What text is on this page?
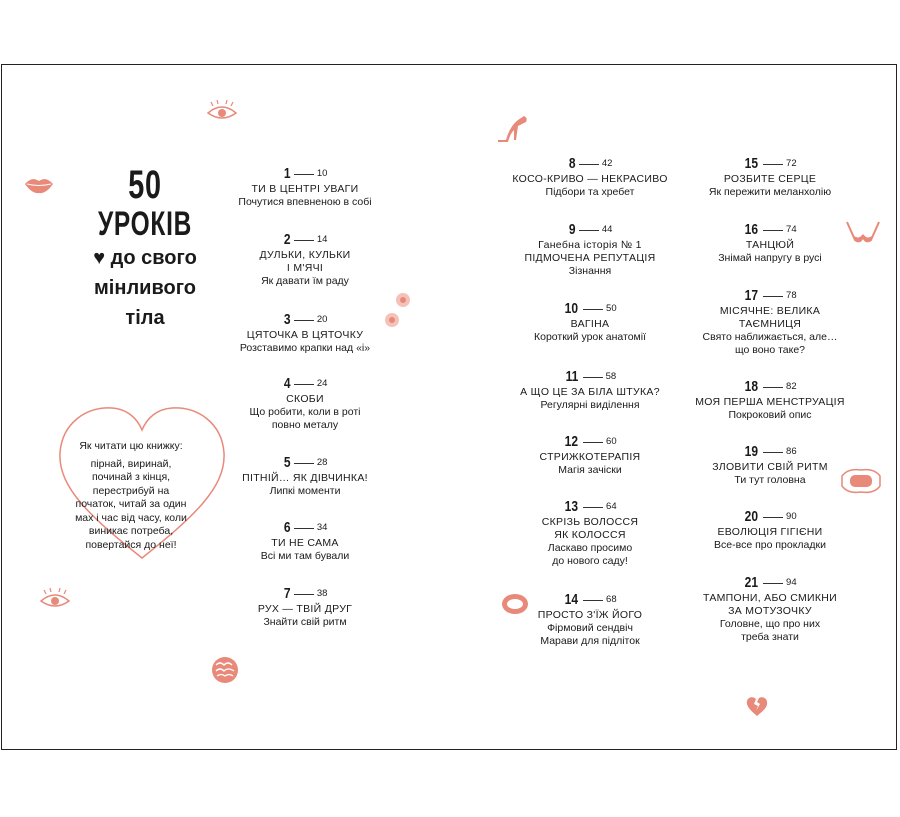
50
УРОКІВ
♥ до свого
мінливого
тіла
Як читати цю книжку:
пірнай, виринай, починай з кінця, перестрибуй на початок, читай за один мах і час від часу, коли виникає потреба, повертайся до неї!
1	10
ТИ В ЦЕНТРІ УВАГИ
Почутися впевненою в собі
2	14
ДУЛЬКИ, КУЛЬКИ
І М'ЯЧІ
Як давати їм раду
3	20
ЦЯТОЧКА В ЦЯТОЧКУ
Розставимо крапки над «і»
4	24
СКОБИ
Що робити, коли в роті
повно металу
5	28
ПІТНІЙ… ЯК ДІВЧИНКА!
Липкі моменти
6	34
ТИ НЕ САМА
Всі ми там бували
7	38
РУХ — ТВІЙ ДРУГ
Знайти свій ритм
8	42
КОСО-КРИВО — НЕКРАСИВО
Підбори та хребет
9	44
Ганебна історія № 1
ПІДМОЧЕНА РЕПУТАЦІЯ
Зізнання
10	50
ВАГІНА
Короткий урок анатомії
11	58
А ЩО ЦЕ ЗА БІЛА ШТУКА?
Регулярні виділення
12	60
СТРИЖКОТЕРАПІЯ
Магія зачіски
13	64
СКРІЗЬ ВОЛОССЯ
ЯК КОЛОССЯ
Ласкаво просимо
до нового саду!
14	68
ПРОСТО З'ЇЖ ЙОГО
Фірмовий сендвіч
Марави для підліток
15	72
РОЗБИТЕ СЕРЦЕ
Як пережити меланхолію
16	74
ТАНЦЮЙ
Знімай напругу в русі
17	78
МІСЯЧНЕ: ВЕЛИКА
ТАЄМНИЦЯ
Свято наближається, але…
що воно таке?
18	82
МОЯ ПЕРША МЕНСТРУАЦІЯ
Покроковий опис
19	86
ЗЛОВИТИ СВІЙ РИТМ
Ти тут головна
20	90
ЕВОЛЮЦІЯ ГІГІЄНИ
Все-все про прокладки
21	94
ТАМПОНИ, АБО СМИКНИ
ЗА МОТУЗОЧКУ
Головне, що про них
треба знати
